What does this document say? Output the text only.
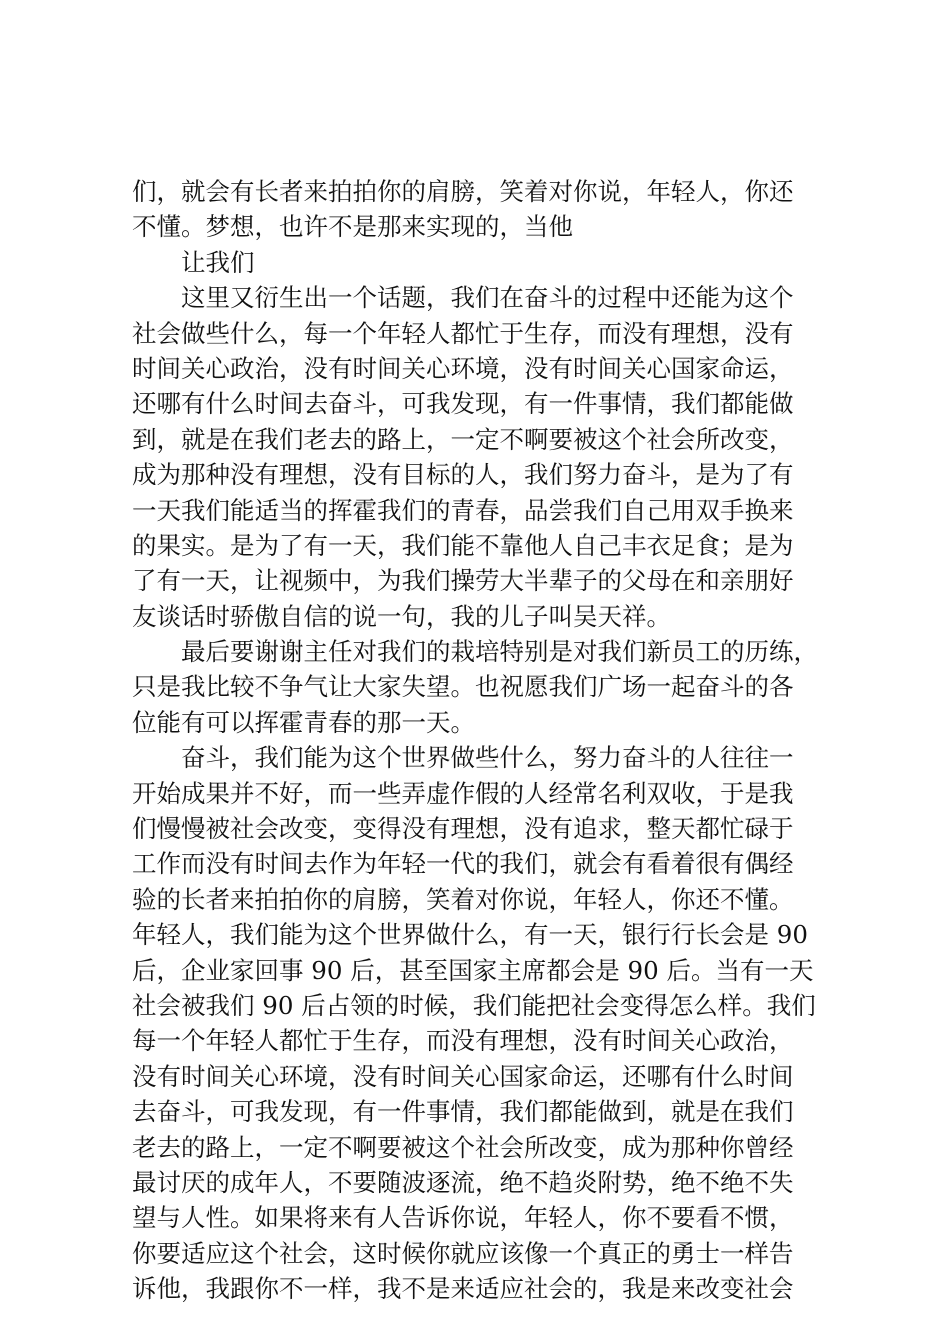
们，就会有长者来拍拍你的肩膀，笑着对你说，年轻人，你还
不懂。梦想，也许不是那来实现的，当他
让我们
这里又衍生出一个话题，我们在奋斗的过程中还能为这个
社会做些什么，每一个年轻人都忙于生存，而没有理想，没有
时间关心政治，没有时间关心环境，没有时间关心国家命运，
还哪有什么时间去奋斗，可我发现，有一件事情，我们都能做
到，就是在我们老去的路上，一定不啊要被这个社会所改变，
成为那种没有理想，没有目标的人，我们努力奋斗，是为了有
一天我们能适当的挥霍我们的青春，品尝我们自己用双手换来
的果实。是为了有一天，我们能不靠他人自己丰衣足食；是为
了有一天，让视频中，为我们操劳大半辈子的父母在和亲朋好
友谈话时骄傲自信的说一句，我的儿子叫吴天祥。
最后要谢谢主任对我们的栽培特别是对我们新员工的历练，
只是我比较不争气让大家失望。也祝愿我们广场一起奋斗的各
位能有可以挥霍青春的那一天。
奋斗，我们能为这个世界做些什么，努力奋斗的人往往一
开始成果并不好，而一些弄虚作假的人经常名利双收，于是我
们慢慢被社会改变，变得没有理想，没有追求，整天都忙碌于
工作而没有时间去作为年轻一代的我们，就会有看着很有偶经
验的长者来拍拍你的肩膀，笑着对你说，年轻人，你还不懂。
年轻人，我们能为这个世界做什么，有一天，银行行长会是 90
后，企业家回事 90 后，甚至国家主席都会是 90 后。当有一天
社会被我们 90 后占领的时候，我们能把社会变得怎么样。我们
每一个年轻人都忙于生存，而没有理想，没有时间关心政治，
没有时间关心环境，没有时间关心国家命运，还哪有什么时间
去奋斗，可我发现，有一件事情，我们都能做到，就是在我们
老去的路上，一定不啊要被这个社会所改变，成为那种你曾经
最讨厌的成年人，不要随波逐流，绝不趋炎附势，绝不绝不失
望与人性。如果将来有人告诉你说，年轻人，你不要看不惯，
你要适应这个社会，这时候你就应该像一个真正的勇士一样告
诉他，我跟你不一样，我不是来适应社会的，我是来改变社会
